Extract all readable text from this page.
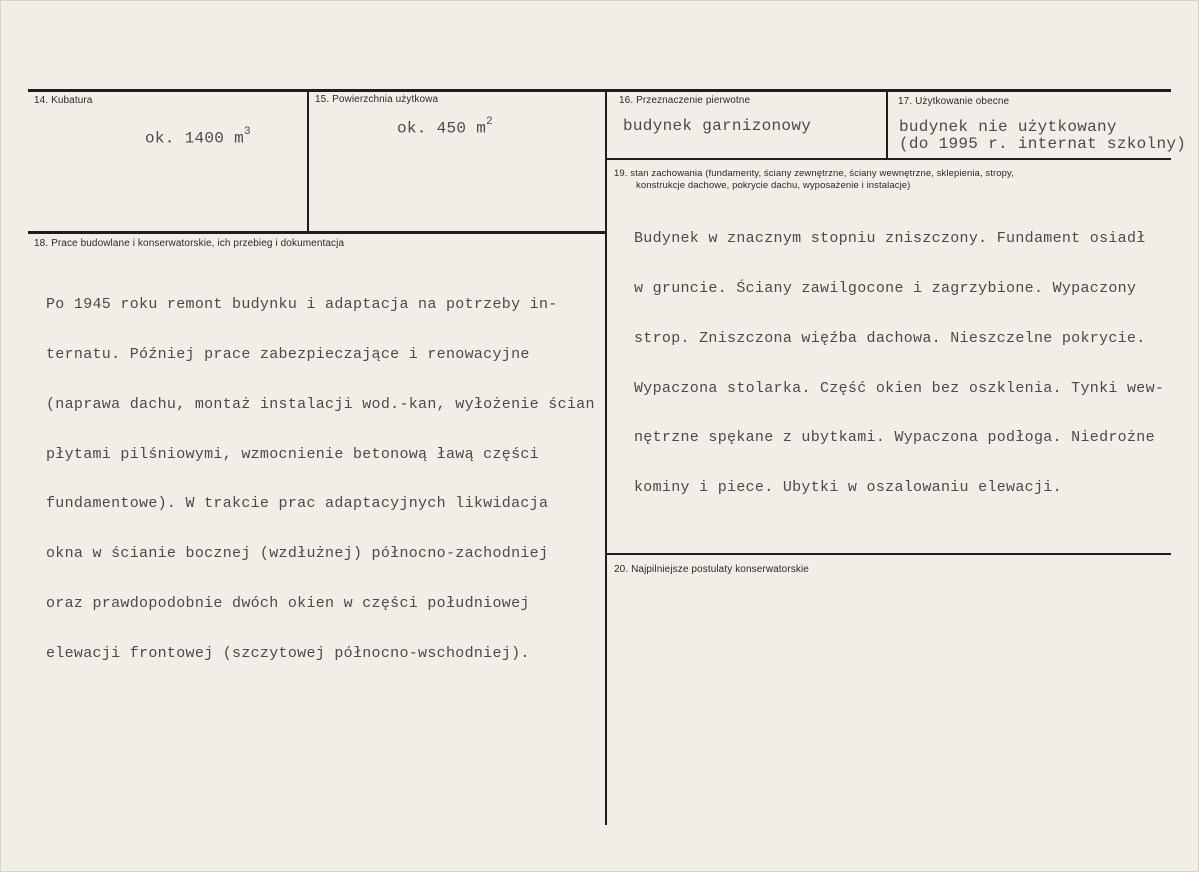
14. Kubatura
ok. 1400 $m^3$
15. Powierzchnia użytkowa
ok. 450 $m^2$
16. Przeznaczenie pierwotne
budynek garnizonowy
17. Użytkowanie obecne
budynek nie użytkowany
(do 1995 r. internat szkolny)
18. Prace budowlane i konserwatorskie, ich przebieg i dokumentacja

Po 1945 roku remont budynku i adaptacja na potrzeby in-

ternatu. Później prace zabezpieczające i renowacyjne

(naprawa dachu, montaż instalacji wod.-kan, wyłożenie ścian

płytami pilśniowymi, wzmocnienie betonową ławą części

fundamentowe). W trakcie prac adaptacyjnych likwidacja

okna w ścianie bocznej (wzdłużnej) północno-zachodniej

oraz prawdopodobnie dwóch okien w części południowej

elewacji frontowej (szczytowej północno-wschodniej).

19. stan zachowania (fundamenty, ściany zewnętrzne, ściany wewnętrzne, sklepienia, stropy,
konstrukcje dachowe, pokrycie dachu, wyposażenie i instalacje)

Budynek w znacznym stopniu zniszczony. Fundament osiadł

w gruncie. Ściany zawilgocone i zagrzybione. Wypaczony

strop. Zniszczona więźba dachowa. Nieszczelne pokrycie.

Wypaczona stolarka. Część okien bez oszklenia. Tynki wew-

nętrzne spękane z ubytkami. Wypaczona podłoga. Niedrożne

kominy i piece. Ubytki w oszalowaniu elewacji.

20. Najpilniejsze postulaty konserwatorskie
